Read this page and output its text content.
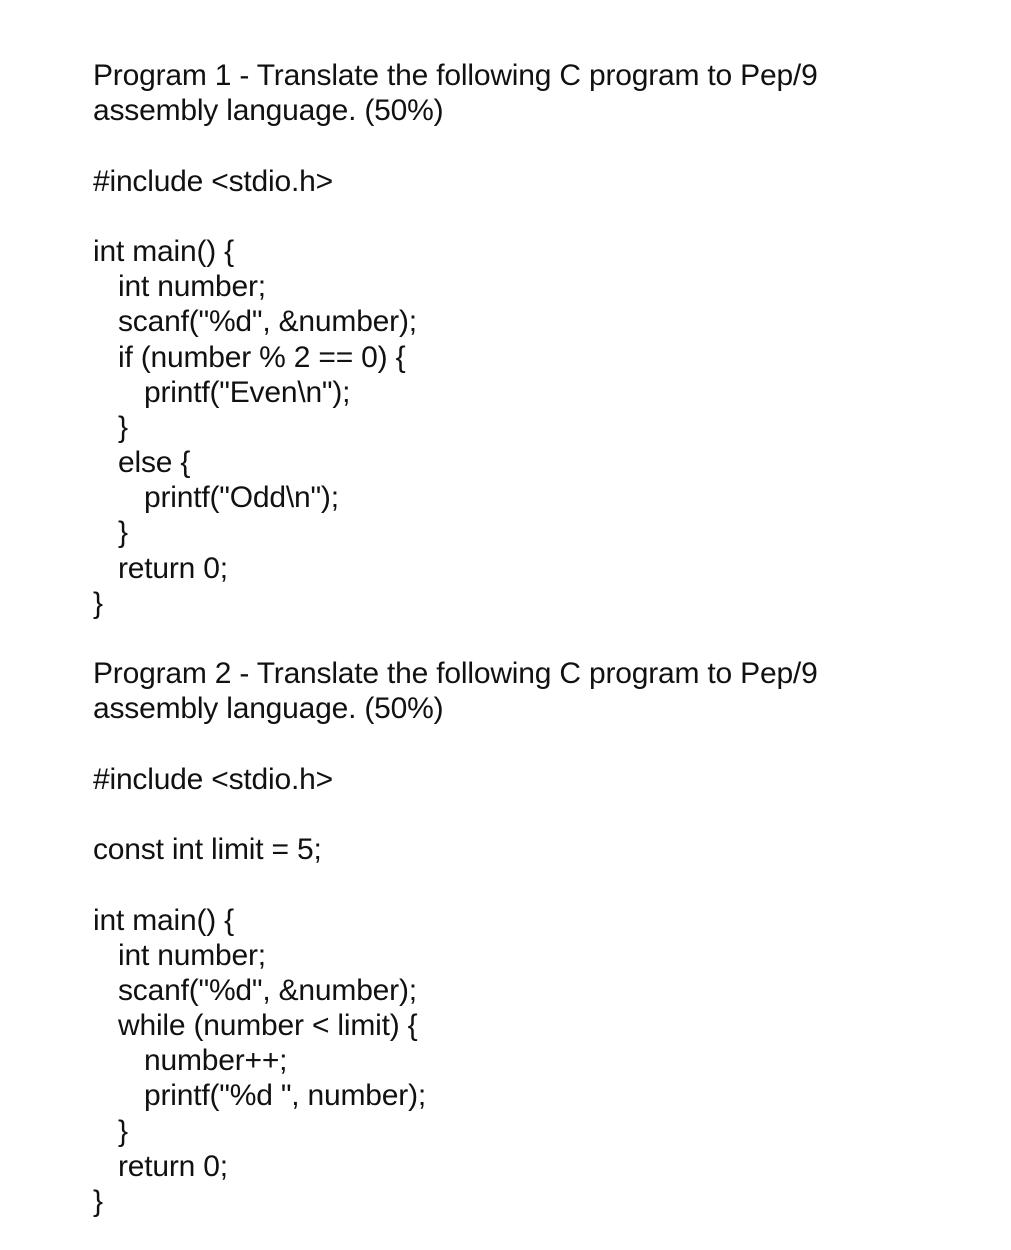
Program 1 - Translate the following C program to Pep/9
assembly language. (50%)
#include <stdio.h>
int main() {
int number;
scanf("%d", &number);
if (number % 2 == 0) {
printf("Even\n");
}
else {
printf("Odd\n");
}
return 0;
}
Program 2 - Translate the following C program to Pep/9
assembly language. (50%)
#include <stdio.h>
const int limit = 5;
int main() {
int number;
scanf("%d", &number);
while (number < limit) {
number++;
printf("%d ", number);
}
return 0;
}
